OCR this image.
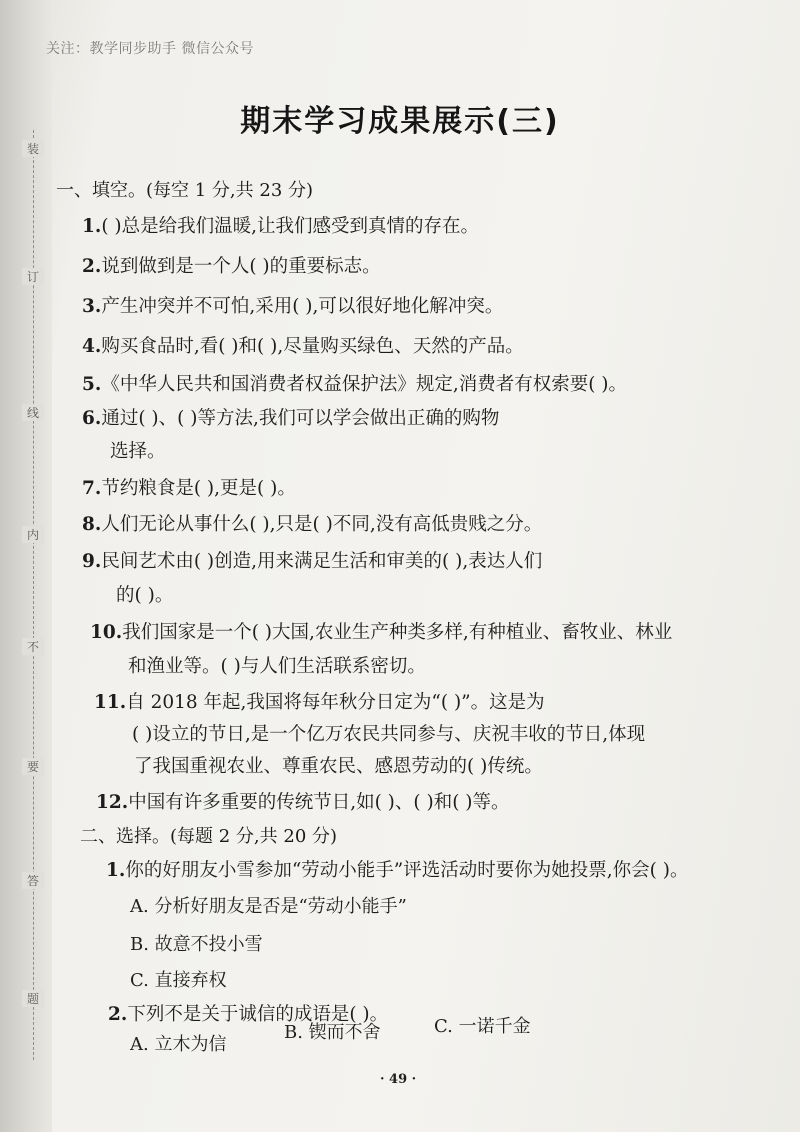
装
订
线
内
不
要
答
题
关注：教学同步助手 微信公众号
期末学习成果展示(三)
一、填空。(每空 1 分,共 23 分)
1.( )总是给我们温暖,让我们感受到真情的存在。
2.说到做到是一个人( )的重要标志。
3.产生冲突并不可怕,采用( ),可以很好地化解冲突。
4.购买食品时,看( )和( ),尽量购买绿色、天然的产品。
5.《中华人民共和国消费者权益保护法》规定,消费者有权索要( )。
6.通过( )、( )等方法,我们可以学会做出正确的购物
选择。
7.节约粮食是( ),更是( )。
8.人们无论从事什么( ),只是( )不同,没有高低贵贱之分。
9.民间艺术由( )创造,用来满足生活和审美的( ),表达人们
的( )。
10.我们国家是一个( )大国,农业生产种类多样,有种植业、畜牧业、林业
和渔业等。( )与人们生活联系密切。
11.自 2018 年起,我国将每年秋分日定为“( )”。这是为
( )设立的节日,是一个亿万农民共同参与、庆祝丰收的节日,体现
了我国重视农业、尊重农民、感恩劳动的( )传统。
12.中国有许多重要的传统节日,如( )、( )和( )等。
二、选择。(每题 2 分,共 20 分)
1.你的好朋友小雪参加“劳动小能手”评选活动时要你为她投票,你会( )。
A. 分析好朋友是否是“劳动小能手”
B. 故意不投小雪
C. 直接弃权
2.下列不是关于诚信的成语是( )。
A. 立木为信
B. 锲而不舍	C. 一诺千金
· 49 ·
